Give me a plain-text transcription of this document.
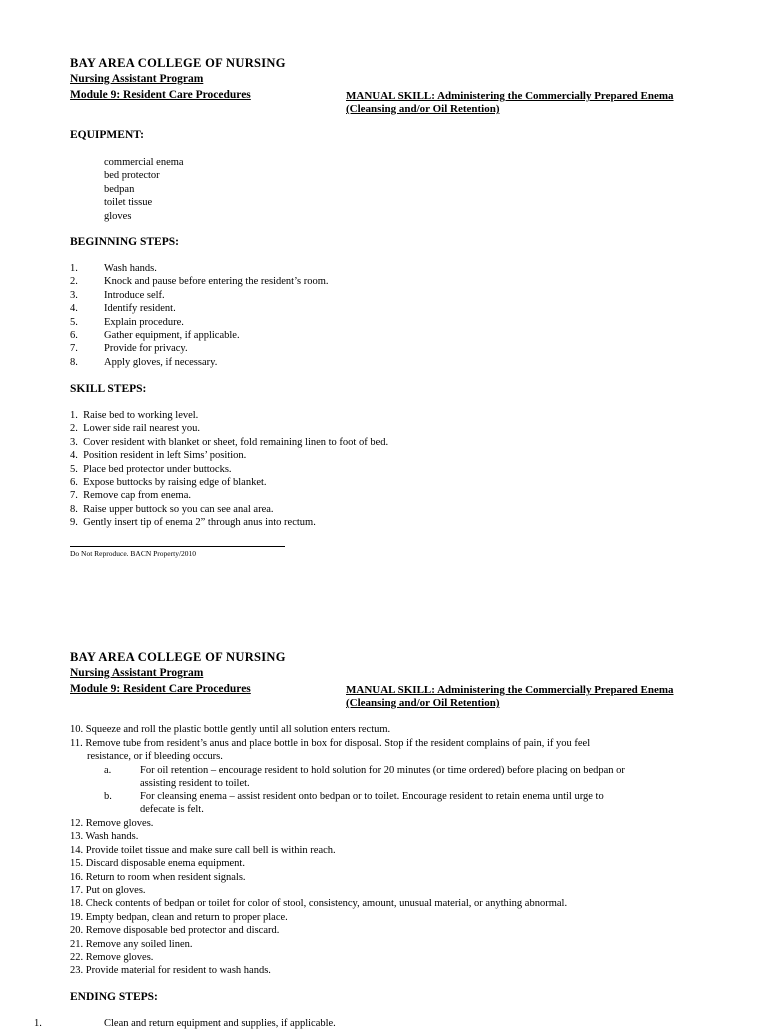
BAY AREA COLLEGE OF NURSING
Nursing Assistant Program
Module 9: Resident Care Procedures	MANUAL SKILL: Administering the Commercially Prepared Enema
(Cleansing and/or Oil Retention)
EQUIPMENT:
commercial enema
bed protector
bedpan
toilet tissue
gloves
BEGINNING STEPS:
1. Wash hands.
2. Knock and pause before entering the resident’s room.
3. Introduce self.
4. Identify resident.
5. Explain procedure.
6. Gather equipment, if applicable.
7. Provide for privacy.
8. Apply gloves, if necessary.
SKILL STEPS:
1.  Raise bed to working level.
2.  Lower side rail nearest you.
3.  Cover resident with blanket or sheet, fold remaining linen to foot of bed.
4.  Position resident in left Sims’ position.
5.  Place bed protector under buttocks.
6.  Expose buttocks by raising edge of blanket.
7.  Remove cap from enema.
8.  Raise upper buttock so you can see anal area.
9.  Gently insert tip of enema 2” through anus into rectum.
Do Not Reproduce. BACN Property/2010
BAY AREA COLLEGE OF NURSING
Nursing Assistant Program
Module 9: Resident Care Procedures	MANUAL SKILL: Administering the Commercially Prepared Enema
(Cleansing and/or Oil Retention)
10. Squeeze and roll the plastic bottle gently until all solution enters rectum.
11. Remove tube from resident’s anus and place bottle in box for disposal. Stop if the resident complains of pain, if you feel
resistance, or if bleeding occurs.
a.	For oil retention – encourage resident to hold solution for 20 minutes (or time ordered) before placing on bedpan or
assisting resident to toilet.
b.	For cleansing enema – assist resident onto bedpan or to toilet. Encourage resident to retain enema until urge to
defecate is felt.
12. Remove gloves.
13. Wash hands.
14. Provide toilet tissue and make sure call bell is within reach.
15. Discard disposable enema equipment.
16. Return to room when resident signals.
17. Put on gloves.
18. Check contents of bedpan or toilet for color of stool, consistency, amount, unusual material, or anything abnormal.
19. Empty bedpan, clean and return to proper place.
20. Remove disposable bed protector and discard.
21. Remove any soiled linen.
22. Remove gloves.
23. Provide material for resident to wash hands.
ENDING STEPS:
1.	Clean and return equipment and supplies, if applicable.
